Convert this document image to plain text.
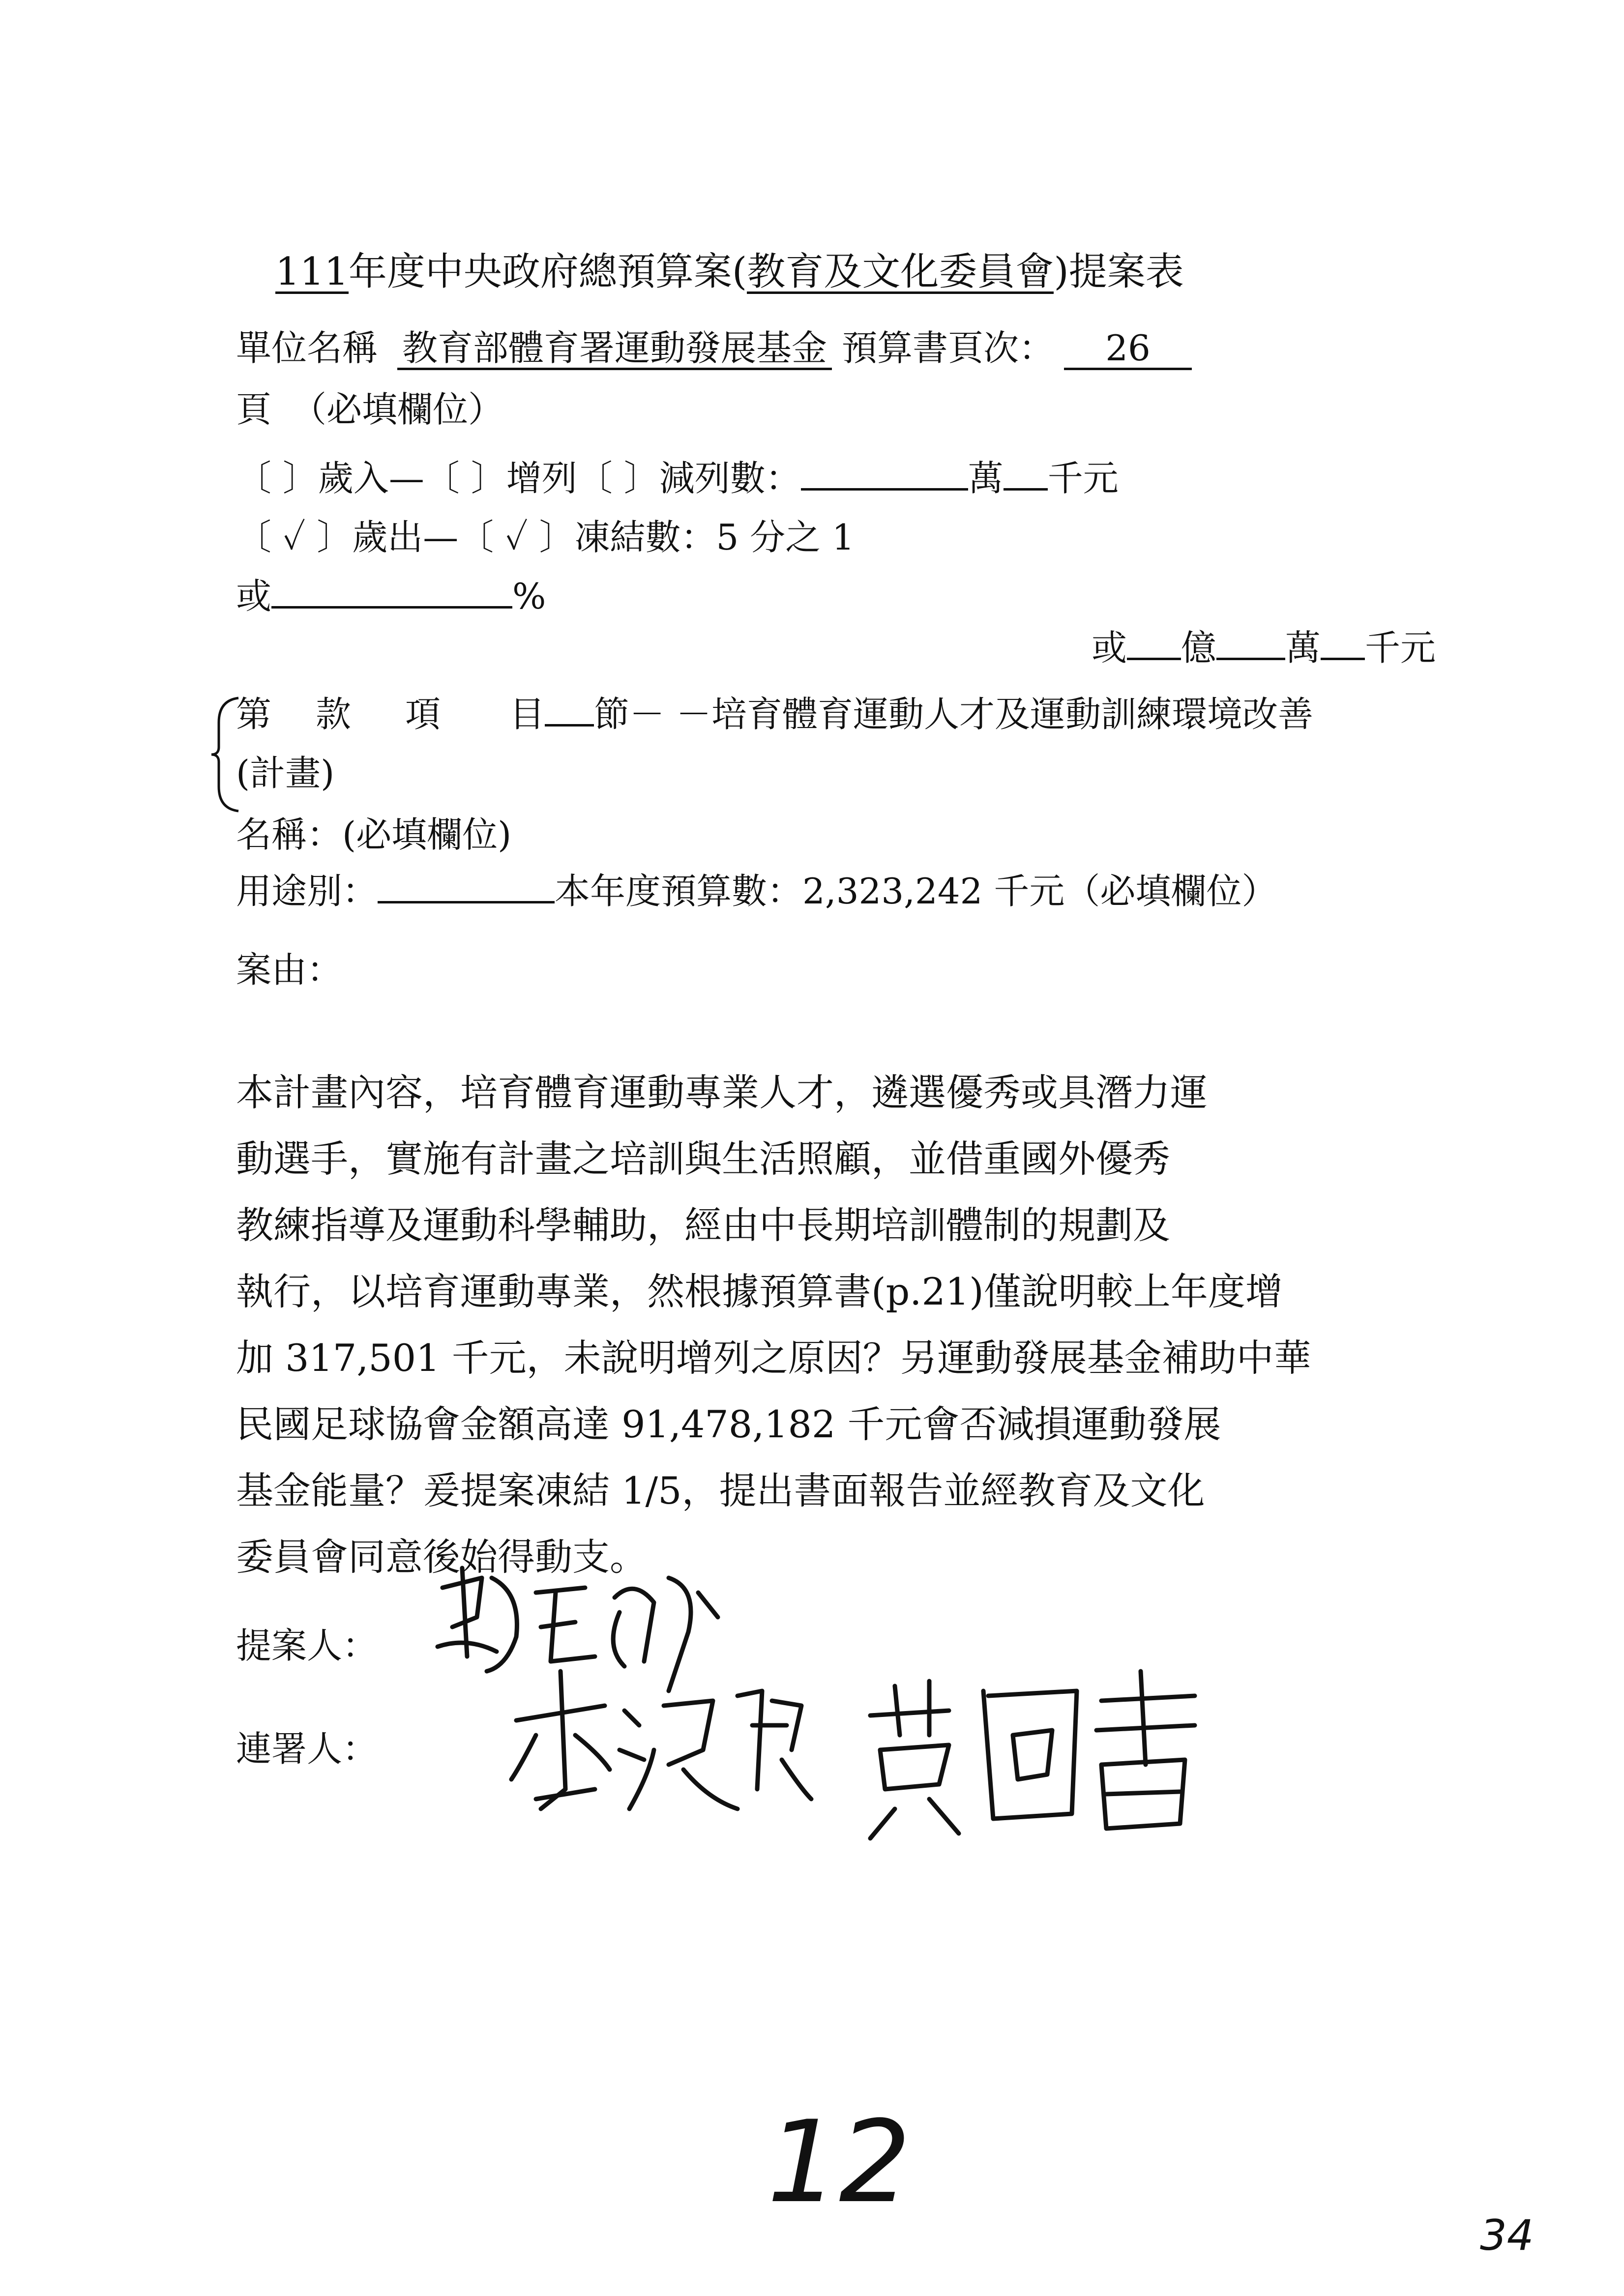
111年度中央政府總預算案(教育及文化委員會)提案表
單位名稱 教育部體育署運動發展基金 預算書頁次： 26
頁 （必填欄位）
〔 〕歲入—〔 〕增列〔 〕減列數：	萬 千元
〔 ✓ 〕歲出—〔 ✓ 〕凍結數：5 分之 1
或	%
或 億 萬 千元
第 款 項 目 節－ －培育體育運動人才及運動訓練環境改善
(計畫)
名稱：(必填欄位)
用途別：	本年度預算數：2,323,242 千元（必填欄位）
案由：
本計畫內容，培育體育運動專業人才，遴選優秀或具潛力運
動選手，實施有計畫之培訓與生活照顧，並借重國外優秀
教練指導及運動科學輔助，經由中長期培訓體制的規劃及
執行，以培育運動專業，然根據預算書(p.21)僅說明較上年度增
加 317,501 千元，未說明增列之原因？另運動發展基金補助中華
民國足球協會金額高達 91,478,182 千元會否減損運動發展
基金能量？爰提案凍結 1/5，提出書面報告並經教育及文化
委員會同意後始得動支。
提案人：
連署人：
12
34
